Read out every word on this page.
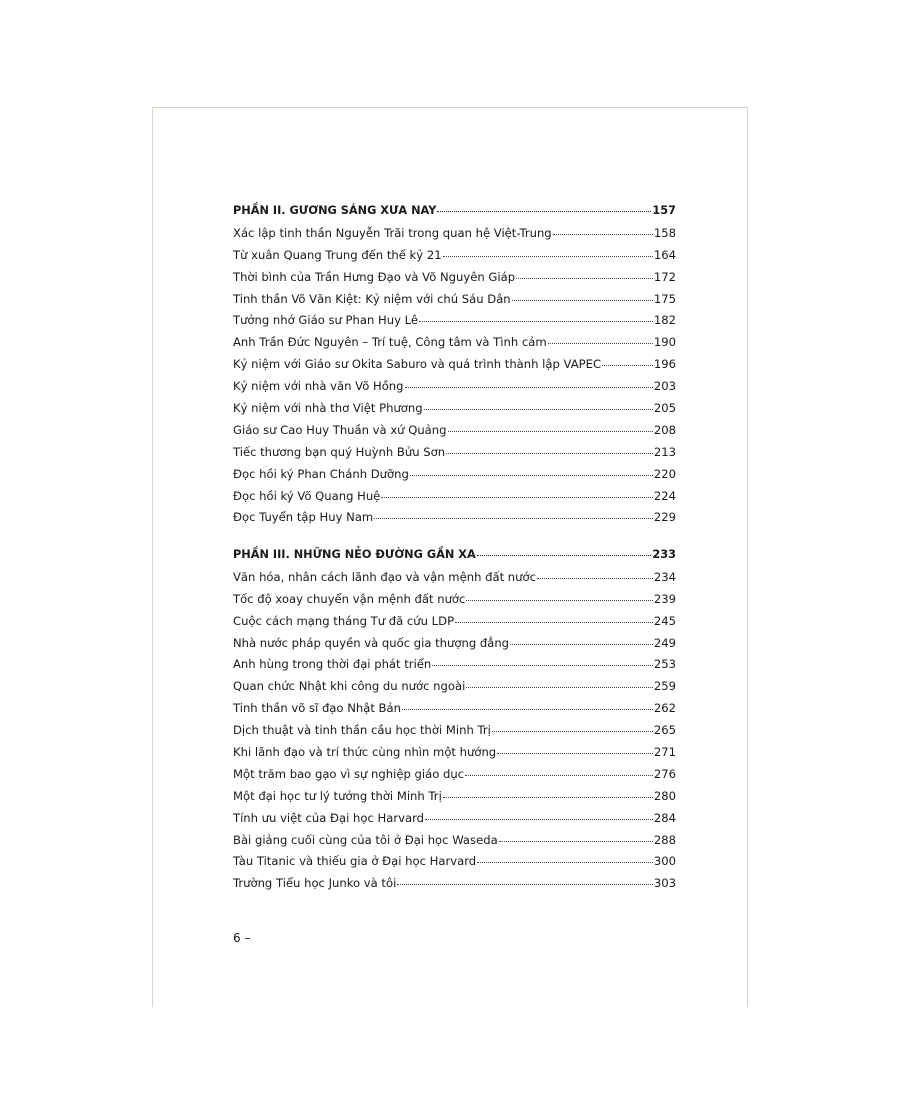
PHẦN II. GƯƠNG SÁNG XƯA NAY	157
Xác lập tinh thần Nguyễn Trãi trong quan hệ Việt-Trung	158
Từ xuân Quang Trung đến thế kỷ 21	164
Thời bình của Trần Hưng Đạo và Võ Nguyên Giáp	172
Tinh thần Võ Văn Kiệt: Kỷ niệm với chú Sáu Dân	175
Tưởng nhớ Giáo sư Phan Huy Lê	182
Anh Trần Đức Nguyên – Trí tuệ, Công tâm và Tình cảm	190
Kỷ niệm với Giáo sư Okita Saburo và quá trình thành lập VAPEC	196
Kỷ niệm với nhà văn Võ Hồng	203
Kỷ niệm với nhà thơ Việt Phương	205
Giáo sư Cao Huy Thuần và xứ Quảng	208
Tiếc thương bạn quý Huỳnh Bửu Sơn	213
Đọc hồi ký Phan Chánh Dưỡng	220
Đọc hồi ký Võ Quang Huệ	224
Đọc Tuyển tập Huy Nam	229
PHẦN III. NHỮNG NẺO ĐƯỜNG GẦN XA	233
Văn hóa, nhân cách lãnh đạo và vận mệnh đất nước	234
Tốc độ xoay chuyển vận mệnh đất nước	239
Cuộc cách mạng tháng Tư đã cứu LDP	245
Nhà nước pháp quyền và quốc gia thượng đẳng	249
Anh hùng trong thời đại phát triển	253
Quan chức Nhật khi công du nước ngoài	259
Tinh thần võ sĩ đạo Nhật Bản	262
Dịch thuật và tinh thần cầu học thời Minh Trị	265
Khi lãnh đạo và trí thức cùng nhìn một hướng	271
Một trăm bao gạo vì sự nghiệp giáo dục	276
Một đại học tư lý tưởng thời Minh Trị	280
Tính ưu việt của Đại học Harvard	284
Bài giảng cuối cùng của tôi ở Đại học Waseda	288
Tàu Titanic và thiếu gia ở Đại học Harvard	300
Trường Tiểu học Junko và tôi	303
6 –
